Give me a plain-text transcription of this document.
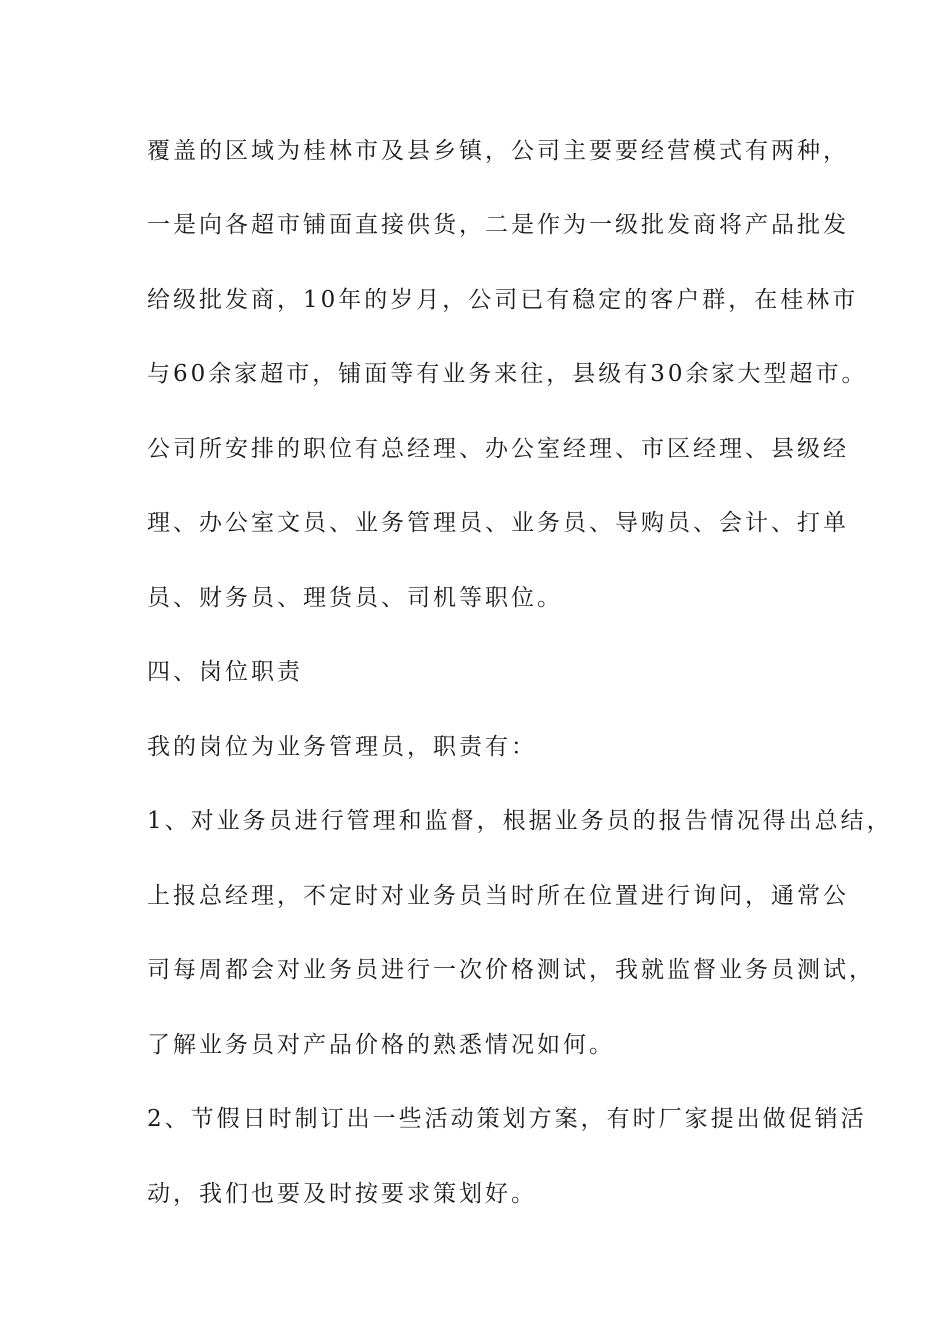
覆盖的区域为桂林市及县乡镇，公司主要要经营模式有两种，
一是向各超市铺面直接供货，二是作为一级批发商将产品批发
给级批发商，10年的岁月，公司已有稳定的客户群，在桂林市
与60余家超市，铺面等有业务来往，县级有30余家大型超市。
公司所安排的职位有总经理、办公室经理、市区经理、县级经
理、办公室文员、业务管理员、业务员、导购员、会计、打单
员、财务员、理货员、司机等职位。
四、岗位职责
我的岗位为业务管理员，职责有：
1、对业务员进行管理和监督，根据业务员的报告情况得出总结，
上报总经理，不定时对业务员当时所在位置进行询问，通常公
司每周都会对业务员进行一次价格测试，我就监督业务员测试，
了解业务员对产品价格的熟悉情况如何。
2、节假日时制订出一些活动策划方案，有时厂家提出做促销活
动，我们也要及时按要求策划好。
